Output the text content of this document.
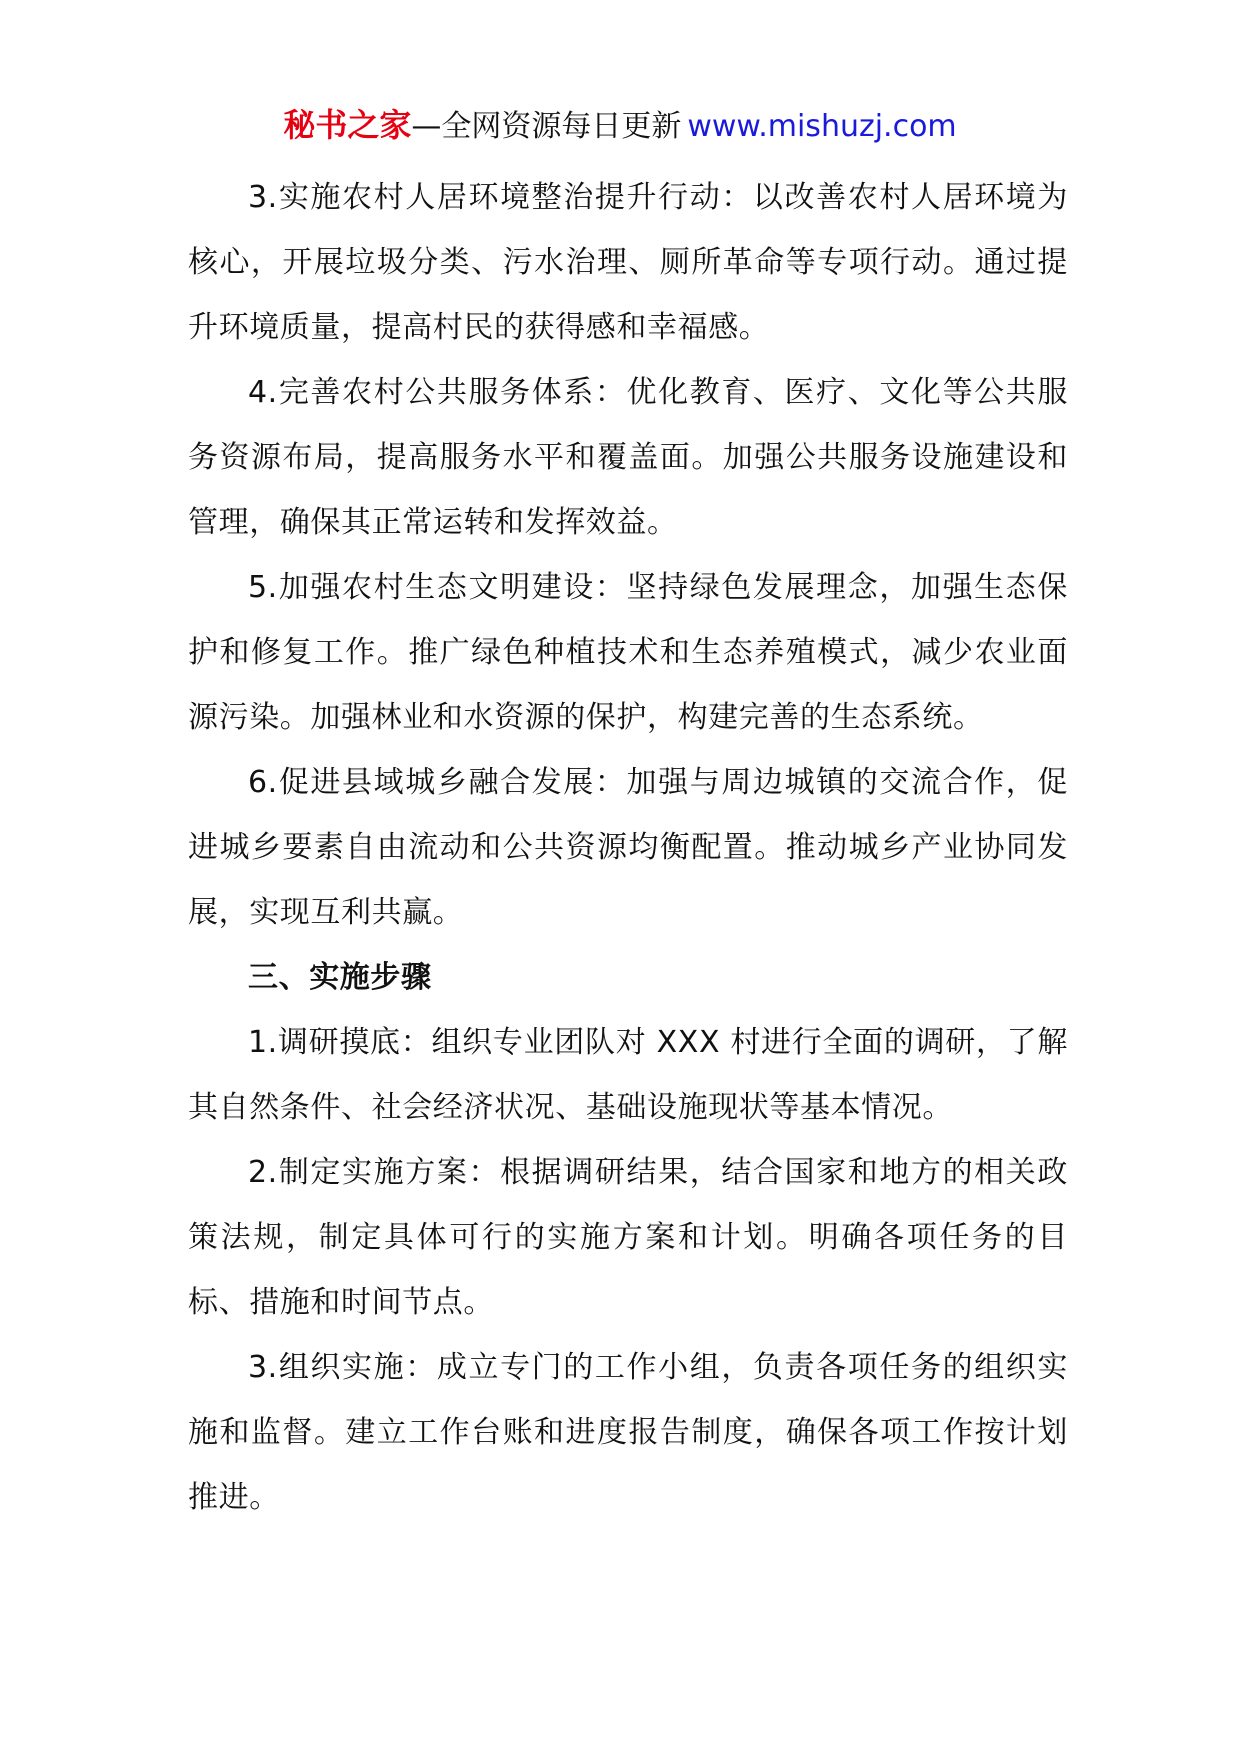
秘书之家—全网资源每日更新 www.mishuzj.com

3.实施农村人居环境整治提升行动：以改善农村人居环境为核心，开展垃圾分类、污水治理、厕所革命等专项行动。通过提升环境质量，提高村民的获得感和幸福感。

4.完善农村公共服务体系：优化教育、医疗、文化等公共服务资源布局，提高服务水平和覆盖面。加强公共服务设施建设和管理，确保其正常运转和发挥效益。

5.加强农村生态文明建设：坚持绿色发展理念，加强生态保护和修复工作。推广绿色种植技术和生态养殖模式，减少农业面源污染。加强林业和水资源的保护，构建完善的生态系统。

6.促进县域城乡融合发展：加强与周边城镇的交流合作，促进城乡要素自由流动和公共资源均衡配置。推动城乡产业协同发展，实现互利共赢。

三、实施步骤

1.调研摸底：组织专业团队对 XXX 村进行全面的调研，了解其自然条件、社会经济状况、基础设施现状等基本情况。

2.制定实施方案：根据调研结果，结合国家和地方的相关政策法规，制定具体可行的实施方案和计划。明确各项任务的目标、措施和时间节点。

3.组织实施：成立专门的工作小组，负责各项任务的组织实施和监督。建立工作台账和进度报告制度，确保各项工作按计划推进。
